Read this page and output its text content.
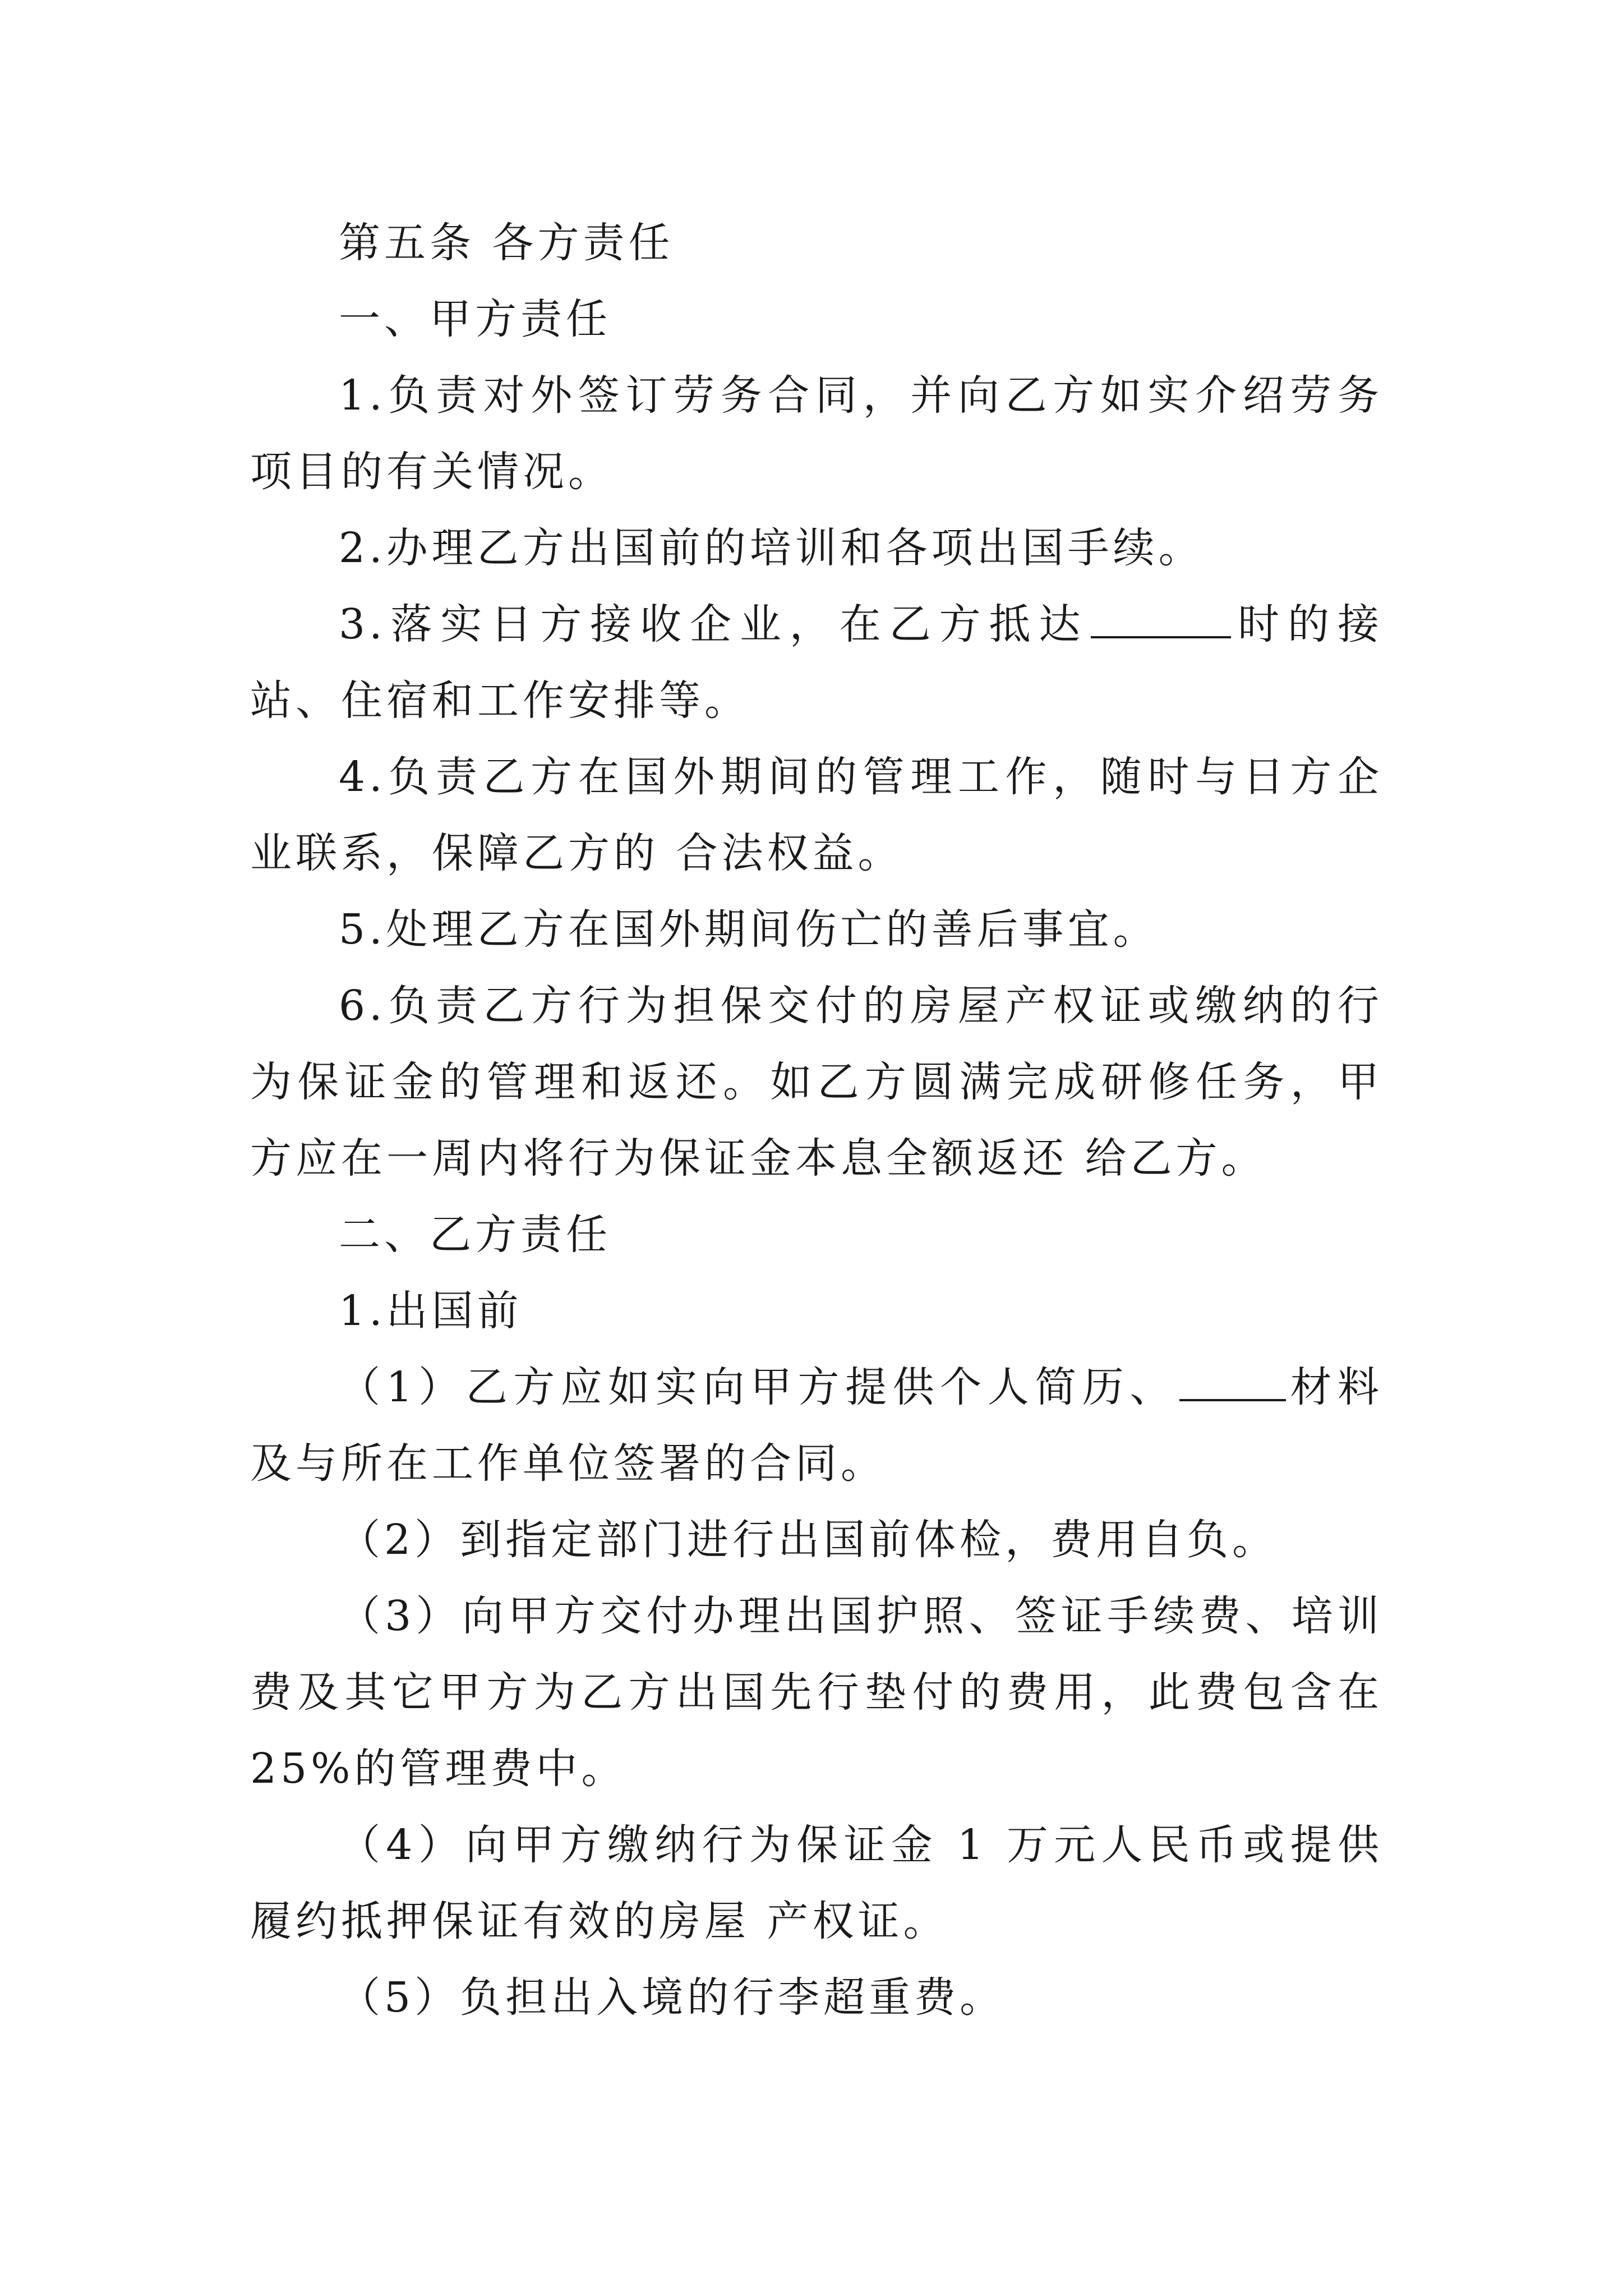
第五条 各方责任

一、甲方责任

1.负责对外签订劳务合同，并向乙方如实介绍劳务项目的有关情况。

2.办理乙方出国前的培训和各项出国手续。

3.落实日方接收企业，在乙方抵达	时的接站、住宿和工作安排等。

4.负责乙方在国外期间的管理工作，随时与日方企业联系，保障乙方的 合法权益。

5.处理乙方在国外期间伤亡的善后事宜。

6.负责乙方行为担保交付的房屋产权证或缴纳的行为保证金的管理和返还。如乙方圆满完成研修任务，甲方应在一周内将行为保证金本息全额返还 给乙方。

二、乙方责任

1.出国前

（1）乙方应如实向甲方提供个人简历、	材料及与所在工作单位签署的合同。

（2）到指定部门进行出国前体检，费用自负。

（3）向甲方交付办理出国护照、签证手续费、培训费及其它甲方为乙方出国先行垫付的费用，此费包含在 25%的管理费中。

（4）向甲方缴纳行为保证金 1 万元人民币或提供履约抵押保证有效的房屋 产权证。

（5）负担出入境的行李超重费。
